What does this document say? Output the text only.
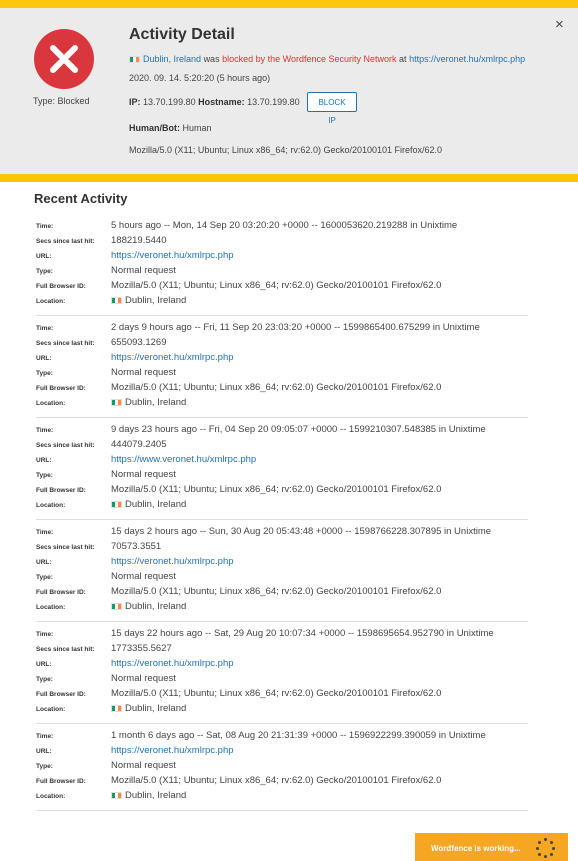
Type: Blocked
×
Activity Detail
Dublin, Ireland was blocked by the Wordfence Security Network at https://veronet.hu/xmlrpc.php
2020. 09. 14. 5:20:20 (5 hours ago)
IP: 13.70.199.80 Hostname: 13.70.199.80	BLOCK IP
Human/Bot: Human
Mozilla/5.0 (X11; Ubuntu; Linux x86_64; rv:62.0) Gecko/20100101 Firefox/62.0
Recent Activity
Time:	5 hours ago -- Mon, 14 Sep 20 03:20:20 +0000 -- 1600053620.219288 in Unixtime
Secs since last hit: 188219.5440
URL:	https://veronet.hu/xmlrpc.php
Type:	Normal request
Full Browser ID:	Mozilla/5.0 (X11; Ubuntu; Linux x86_64; rv:62.0) Gecko/20100101 Firefox/62.0
Location:	Dublin, Ireland
Time:	2 days 9 hours ago -- Fri, 11 Sep 20 23:03:20 +0000 -- 1599865400.675299 in Unixtime
Secs since last hit: 655093.1269
URL:	https://veronet.hu/xmlrpc.php
Type:	Normal request
Full Browser ID:	Mozilla/5.0 (X11; Ubuntu; Linux x86_64; rv:62.0) Gecko/20100101 Firefox/62.0
Location:	Dublin, Ireland
Time:	9 days 23 hours ago -- Fri, 04 Sep 20 09:05:07 +0000 -- 1599210307.548385 in Unixtime
Secs since last hit: 444079.2405
URL:	https://www.veronet.hu/xmlrpc.php
Type:	Normal request
Full Browser ID:	Mozilla/5.0 (X11; Ubuntu; Linux x86_64; rv:62.0) Gecko/20100101 Firefox/62.0
Location:	Dublin, Ireland
Time:	15 days 2 hours ago -- Sun, 30 Aug 20 05:43:48 +0000 -- 1598766228.307895 in Unixtime
Secs since last hit: 70573.3551
URL:	https://veronet.hu/xmlrpc.php
Type:	Normal request
Full Browser ID:	Mozilla/5.0 (X11; Ubuntu; Linux x86_64; rv:62.0) Gecko/20100101 Firefox/62.0
Location:	Dublin, Ireland
Time:	15 days 22 hours ago -- Sat, 29 Aug 20 10:07:34 +0000 -- 1598695654.952790 in Unixtime
Secs since last hit: 1773355.5627
URL:	https://veronet.hu/xmlrpc.php
Type:	Normal request
Full Browser ID:	Mozilla/5.0 (X11; Ubuntu; Linux x86_64; rv:62.0) Gecko/20100101 Firefox/62.0
Location:	Dublin, Ireland
Time:	1 month 6 days ago -- Sat, 08 Aug 20 21:31:39 +0000 -- 1596922299.390059 in Unixtime
URL:	https://veronet.hu/xmlrpc.php
Type:	Normal request
Full Browser ID:	Mozilla/5.0 (X11; Ubuntu; Linux x86_64; rv:62.0) Gecko/20100101 Firefox/62.0
Location:	Dublin, Ireland
Wordfence is working...
